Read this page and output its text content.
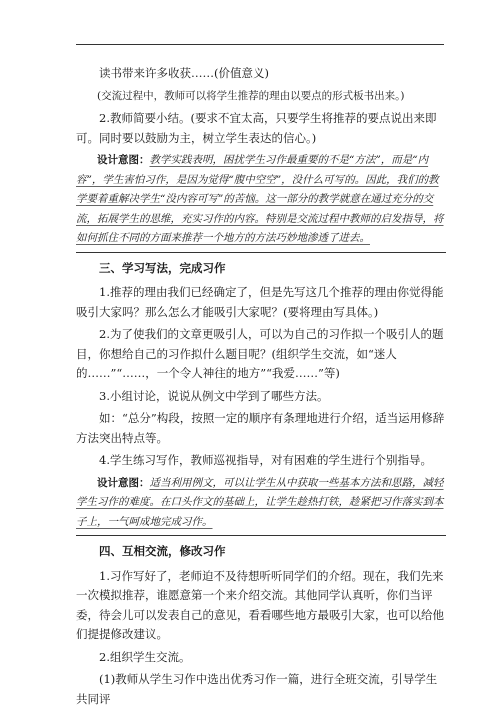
读书带来许多收获……(价值意义)

(交流过程中，教师可以将学生推荐的理由以要点的形式板书出来。)

2.教师简要小结。(要求不宜太高，只要学生将推荐的要点说出来即可。同时要以鼓励为主，树立学生表达的信心。)

设计意图：教学实践表明，困扰学生习作最重要的不是“方法”，而是“内容”，学生害怕习作，是因为觉得“腹中空空”，没什么可写的。因此，我们的教学要着重解决学生“没内容可写”的苦恼。这一部分的教学就意在通过充分的交流，拓展学生的思维，充实习作的内容。特别是交流过程中教师的启发指导，将如何抓住不同的方面来推荐一个地方的方法巧妙地渗透了进去。

三、学习写法，完成习作

1.推荐的理由我们已经确定了，但是先写这几个推荐的理由你觉得能吸引大家吗？那么怎么才能吸引大家呢？(要将理由写具体。)

2.为了使我们的文章更吸引人，可以为自己的习作拟一个吸引人的题目，你想给自己的习作拟什么题目呢？(组织学生交流，如“迷人的……”“……，一个令人神往的地方”“我爱……”等)

3.小组讨论，说说从例文中学到了哪些方法。

如：“总分”构段，按照一定的顺序有条理地进行介绍，适当运用修辞方法突出特点等。

4.学生练习写作，教师巡视指导，对有困难的学生进行个别指导。

设计意图：适当利用例文，可以让学生从中获取一些基本方法和思路，减轻学生习作的难度。在口头作文的基础上，让学生趁热打铁，趁紧把习作落实到本子上，一气呵成地完成习作。

四、互相交流，修改习作

1.习作写好了，老师迫不及待想听听同学们的介绍。现在，我们先来一次模拟推荐，谁愿意第一个来介绍交流。其他同学认真听，你们当评委，待会儿可以发表自己的意见，看看哪些地方最吸引大家，也可以给他们提提修改建议。

2.组织学生交流。

(1)教师从学生习作中选出优秀习作一篇，进行全班交流，引导学生共同评
